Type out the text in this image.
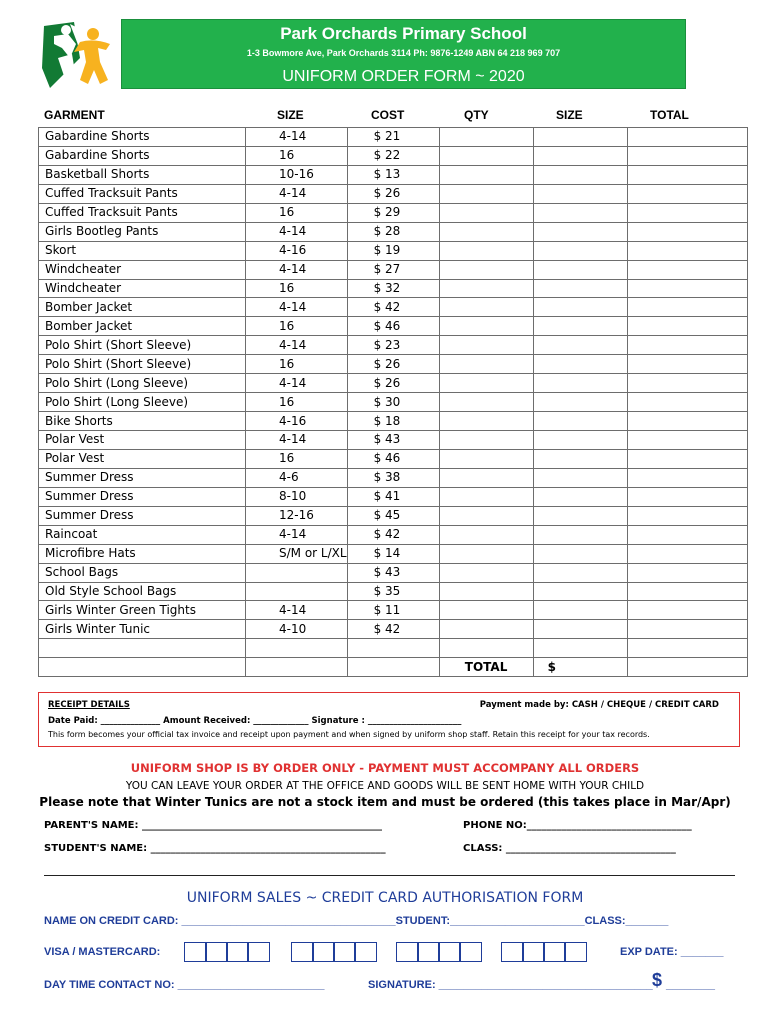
Park Orchards Primary School
1-3 Bowmore Ave, Park Orchards 3114 Ph: 9876-1249 ABN 64 218 969 707
UNIFORM ORDER FORM ~ 2020
GARMENT	SIZE	COST	QTY	SIZE	TOTAL
Gabardine Shorts	4-14	$ 21			
Gabardine Shorts	16	$ 22			
Basketball Shorts	10-16	$ 13			
Cuffed Tracksuit Pants	4-14	$ 26			
Cuffed Tracksuit Pants	16	$ 29			
Girls Bootleg Pants	4-14	$ 28			
Skort	4-16	$ 19			
Windcheater	4-14	$ 27			
Windcheater	16	$ 32			
Bomber Jacket	4-14	$ 42			
Bomber Jacket	16	$ 46			
Polo Shirt (Short Sleeve)	4-14	$ 23			
Polo Shirt (Short Sleeve)	16	$ 26			
Polo Shirt (Long Sleeve)	4-14	$ 26			
Polo Shirt (Long Sleeve)	16	$ 30			
Bike Shorts	4-16	$ 18			
Polar Vest	4-14	$ 43			
Polar Vest	16	$ 46			
Summer Dress	4-6	$ 38			
Summer Dress	8-10	$ 41			
Summer Dress	12-16	$ 45			
Raincoat	4-14	$ 42			
Microfibre Hats	S/M or L/XL	$ 14			
School Bags		$ 43			
Old Style School Bags		$ 35			
Girls Winter Green Tights	4-14	$ 11			
Girls Winter Tunic	4-10	$ 42			

			TOTAL	$	
RECEIPT DETAILS	Payment made by: CASH / CHEQUE / CREDIT CARD
Date Paid: ______________ Amount Received: _____________ Signature : ______________________
This form becomes your official tax invoice and receipt upon payment and when signed by uniform shop staff. Retain this receipt for your tax records.
UNIFORM SHOP IS BY ORDER ONLY - PAYMENT MUST ACCOMPANY ALL ORDERS
YOU CAN LEAVE YOUR ORDER AT THE OFFICE AND GOODS WILL BE SENT HOME WITH YOUR CHILD
Please note that Winter Tunics are not a stock item and must be ordered (this takes place in Mar/Apr)
PARENT'S NAME: ________________________________________________	PHONE NO:_________________________________
STUDENT'S NAME: _______________________________________________	CLASS: __________________________________
UNIFORM SALES ~ CREDIT CARD AUTHORISATION FORM
NAME ON CREDIT CARD: ___________________________________STUDENT:______________________CLASS:_______
VISA / MASTERCARD:	EXP DATE: _______
DAY TIME CONTACT NO: ________________________	SIGNATURE: ___________________________________ $ ________
